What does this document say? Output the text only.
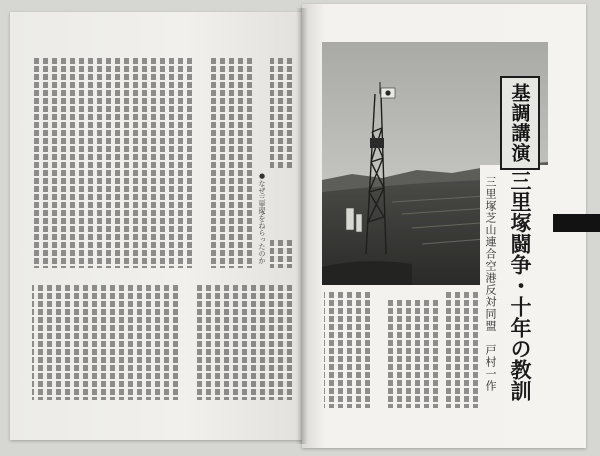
●なぜ三里塚をねらったのか
基調講演
三里塚闘争・十年の教訓
三里塚芝山連合空港反対同盟　戸村一作
